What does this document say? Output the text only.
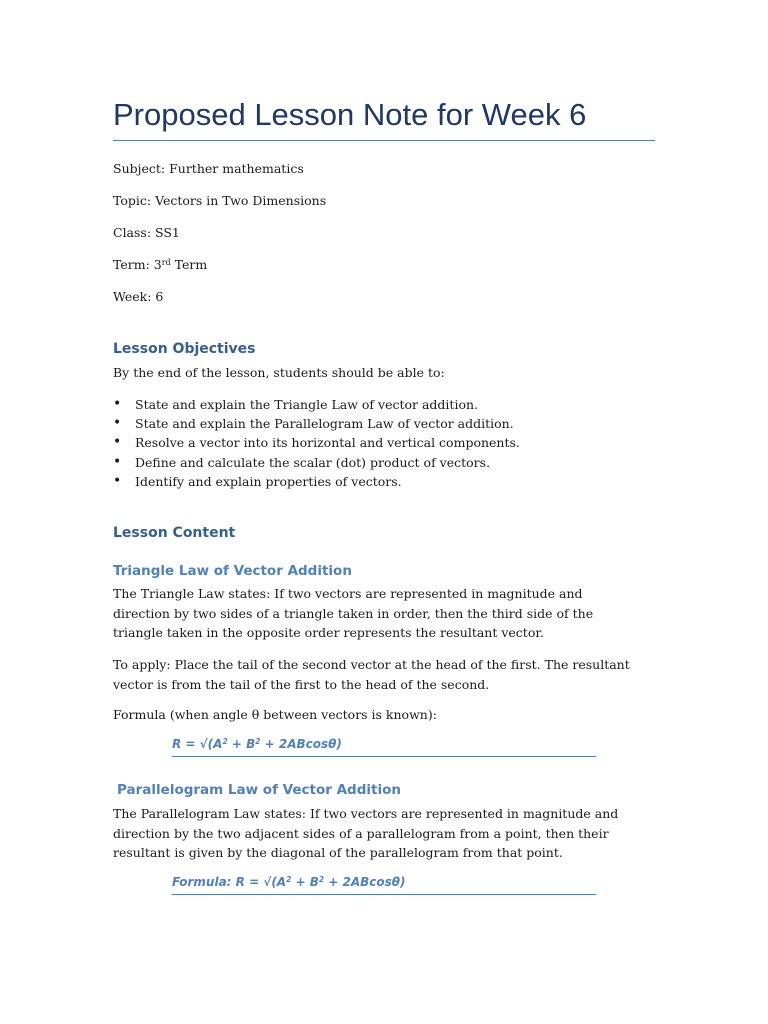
Proposed Lesson Note for Week 6
Subject: Further mathematics
Topic: Vectors in Two Dimensions
Class: SS1
Term: 3rd Term
Week: 6
Lesson Objectives
By the end of the lesson, students should be able to:
• State and explain the Triangle Law of vector addition.
• State and explain the Parallelogram Law of vector addition.
• Resolve a vector into its horizontal and vertical components.
• Define and calculate the scalar (dot) product of vectors.
• Identify and explain properties of vectors.
Lesson Content
Triangle Law of Vector Addition

The Triangle Law states: If two vectors are represented in magnitude and direction by two sides of a triangle taken in order, then the third side of the triangle taken in the opposite order represents the resultant vector.

To apply: Place the tail of the second vector at the head of the first. The resultant vector is from the tail of the first to the head of the second.

Formula (when angle θ between vectors is known):

$R = √(A^2 + B^2 + 2ABcos\theta)$
Parallelogram Law of Vector Addition

The Parallelogram Law states: If two vectors are represented in magnitude and direction by the two adjacent sides of a parallelogram from a point, then their resultant is given by the diagonal of the parallelogram from that point.

Formula: $R = √(A^2 + B^2 + 2ABcos\theta)$
